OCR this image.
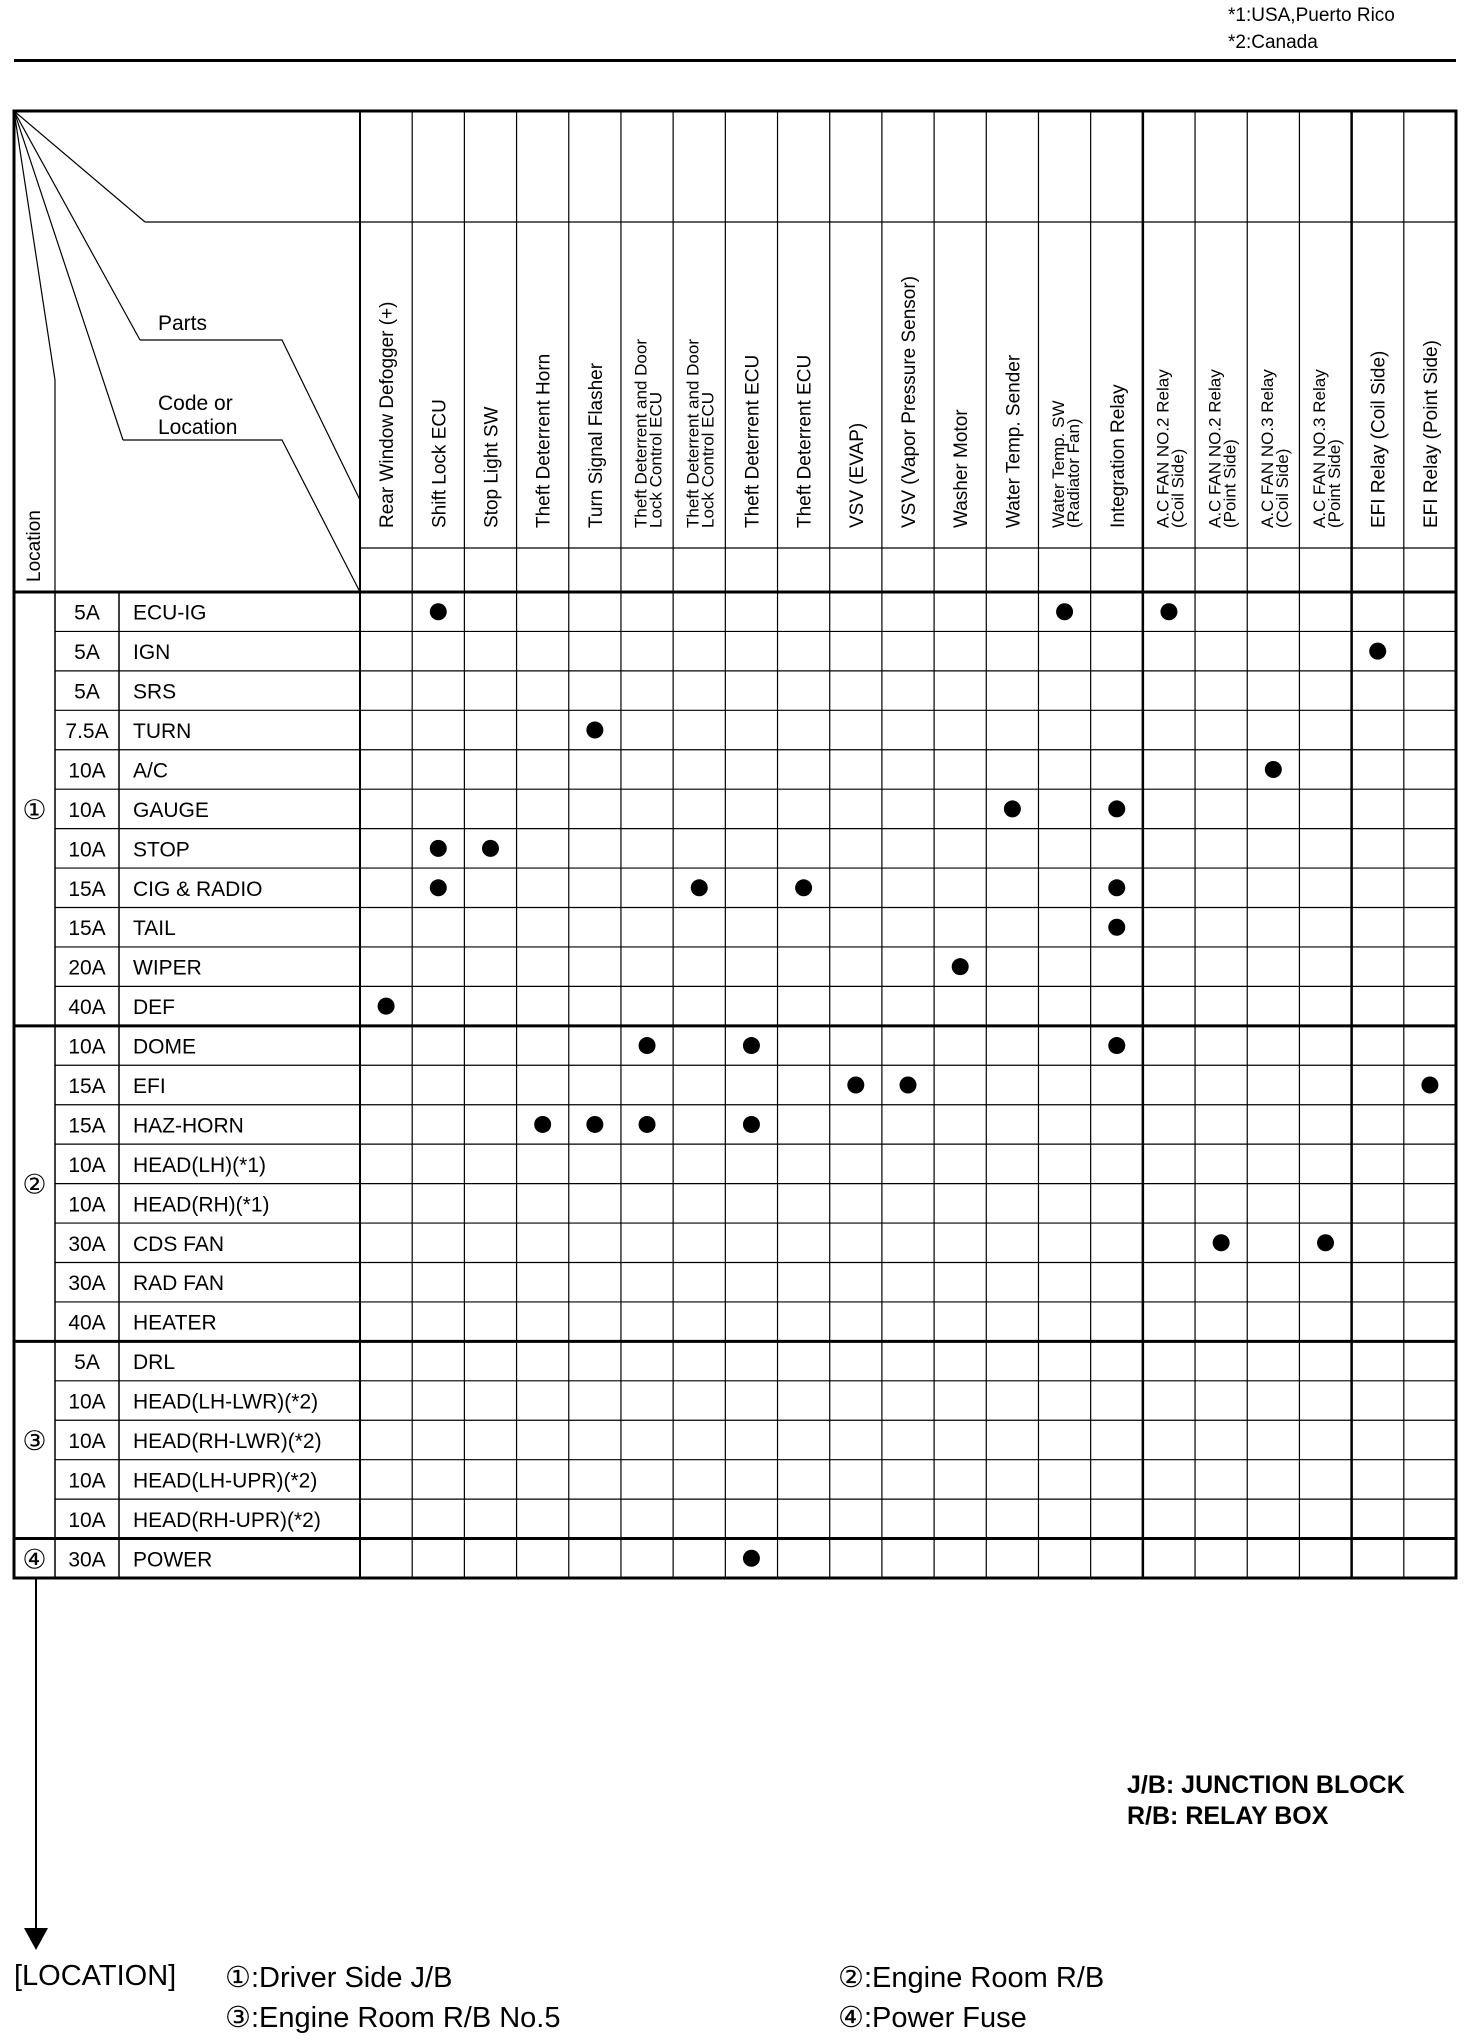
*1:USA,Puerto Rico
*2:Canada
Parts
Code or
Location
Location
Rear Window Defogger (+) Shift Lock ECU Stop Light SW Theft Deterrent Horn Turn Signal Flasher Theft Deterrent and Door
Lock Control ECU Theft Deterrent and Door
Lock Control ECU Theft Deterrent ECU Theft Deterrent ECU VSV (EVAP) VSV (Vapor Pressure Sensor) Washer Motor Water Temp. Sender Water Temp. SW
(Radiator Fan) Integration Relay A.C FAN NO.2 Relay
(Coil Side) A.C FAN NO.2 Relay
(Point Side) A.C FAN NO.3 Relay
(Coil Side) A.C FAN NO.3 Relay
(Point Side) EFI Relay (Coil Side) EFI Relay (Point Side)
5A ECU-IG
5A IGN
5A SRS
7.5A TURN
10A A/C
10A GAUGE
10A STOP
15A CIG & RADIO
15A TAIL
20A WIPER
40A DEF
10A DOME
15A EFI
15A HAZ-HORN
10A HEAD(LH)(*1)
10A HEAD(RH)(*1)
30A CDS FAN
30A RAD FAN
40A HEATER
5A DRL
10A HEAD(LH-LWR)(*2)
10A HEAD(RH-LWR)(*2)
10A HEAD(LH-UPR)(*2)
10A HEAD(RH-UPR)(*2)
30A POWER
①
②
③
④
J/B: JUNCTION BLOCK
R/B: RELAY BOX
[LOCATION] ①:Driver Side J/B	②:Engine Room R/B
③:Engine Room R/B No.5	④:Power Fuse
